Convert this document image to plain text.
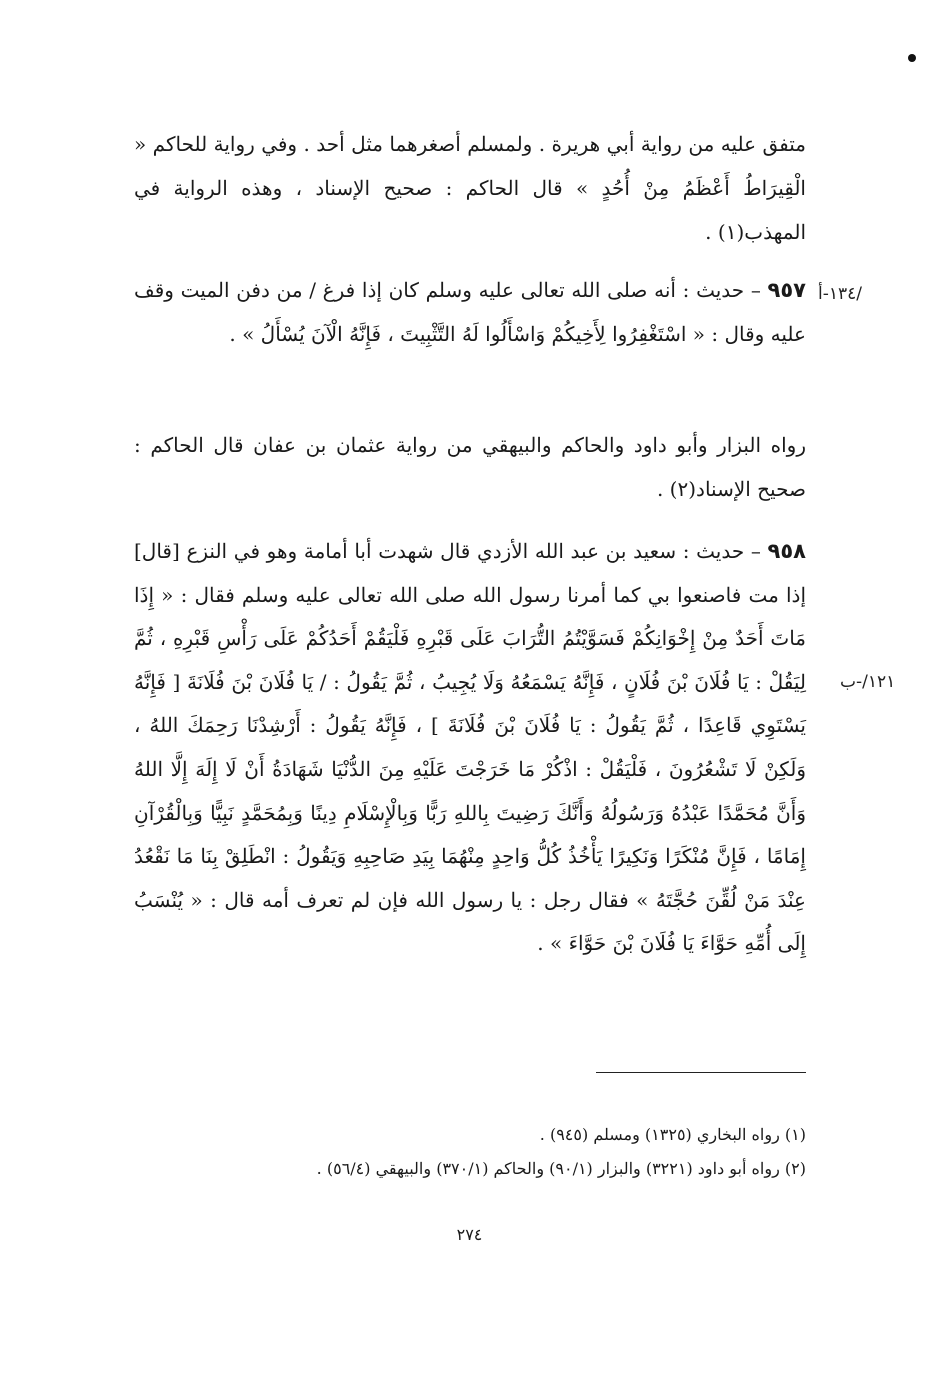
/١٣٤-أ
١٢١/-ب

متفق عليه من رواية أبي هريرة . ولمسلم أصغرهما مثل أحد . وفي رواية للحاكم « الْقِيرَاطُ أَعْظَمُ مِنْ أُحُدٍ » قال الحاكم : صحيح الإسناد ، وهذه الرواية في المهذب(١) .

٩٥٧ – حديث : أنه صلى الله تعالى عليه وسلم كان إذا فرغ / من دفن الميت وقف عليه وقال : « اسْتَغْفِرُوا لِأَخِيكُمْ وَاسْأَلُوا لَهُ التَّثْبِيتَ ، فَإِنَّهُ الْآنَ يُسْأَلُ » .

رواه البزار وأبو داود والحاكم والبيهقي من رواية عثمان بن عفان قال الحاكم : صحيح الإسناد(٢) .

٩٥٨ – حديث : سعيد بن عبد الله الأزدي قال شهدت أبا أمامة وهو في النزع [قال] إذا مت فاصنعوا بي كما أمرنا رسول الله صلى الله تعالى عليه وسلم فقال : « إِذَا مَاتَ أَحَدٌ مِنْ إِخْوَانِكُمْ فَسَوَّيْتُمُ التُّرَابَ عَلَى قَبْرِهِ فَلْيَقُمْ أَحَدُكُمْ عَلَى رَأْسِ قَبْرِهِ ، ثُمَّ لِيَقُلْ : يَا فُلَانَ بْنَ فُلَانٍ ، فَإِنَّهُ يَسْمَعُهُ وَلَا يُجِيبُ ، ثُمَّ يَقُولُ : / يَا فُلَانَ بْنَ فُلَانَةَ [ فَإِنَّهُ يَسْتَوِي قَاعِدًا ، ثُمَّ يَقُولُ : يَا فُلَانَ بْنَ فُلَانَةَ ] ، فَإِنَّهُ يَقُولُ : أَرْشِدْنَا رَحِمَكَ اللهُ ، وَلَكِنْ لَا تَشْعُرُونَ ، فَلْيَقُلْ : اذْكُرْ مَا خَرَجْتَ عَلَيْهِ مِنَ الدُّنْيَا شَهَادَةُ أَنْ لَا إِلَهَ إِلَّا اللهُ وَأَنَّ مُحَمَّدًا عَبْدُهُ وَرَسُولُهُ وَأَنَّكَ رَضِيتَ بِاللهِ رَبًّا وَبِالْإِسْلَامِ دِينًا وَبِمُحَمَّدٍ نَبِيًّا وَبِالْقُرْآنِ إِمَامًا ، فَإِنَّ مُنْكَرًا وَنَكِيرًا يَأْخُذُ كُلُّ وَاحِدٍ مِنْهُمَا بِيَدِ صَاحِبِهِ وَيَقُولُ : انْطَلِقْ بِنَا مَا نَقْعُدُ عِنْدَ مَنْ لُقِّنَ حُجَّتَهُ » فقال رجل : يا رسول الله فإن لم تعرف أمه قال : « يُنْسَبُ إِلَى أُمِّهِ حَوَّاءَ يَا فُلَانَ بْنَ حَوَّاءَ » .

(١) رواه البخاري (١٣٢٥) ومسلم (٩٤٥) .
(٢) رواه أبو داود (٣٢٢١) والبزار (٩٠/١) والحاكم (٣٧٠/١) والبيهقي (٥٦/٤) .
٢٧٤
